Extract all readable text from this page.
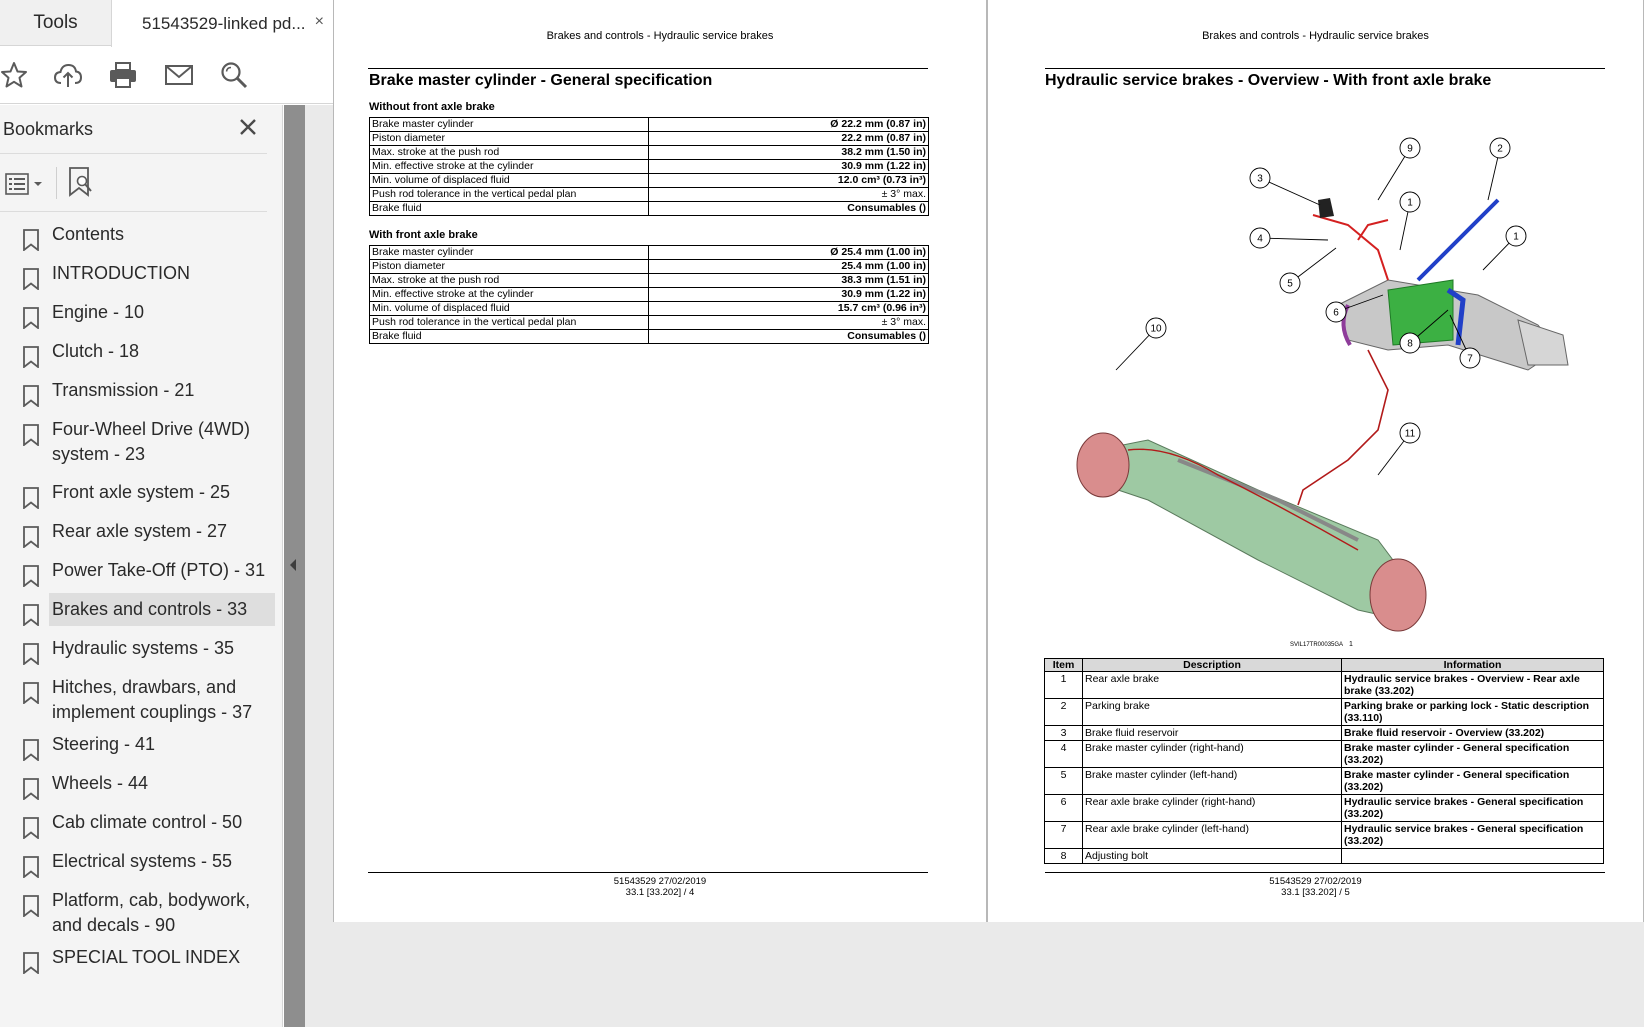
Tools	51543529-linked pd... ×
Bookmarks
Contents
INTRODUCTION
Engine - 10
Clutch - 18
Transmission - 21
Four-Wheel Drive (4WD) system - 23
Front axle system - 25
Rear axle system - 27
Power Take-Off (PTO) - 31
Brakes and controls - 33
Hydraulic systems - 35
Hitches, drawbars, and implement couplings - 37
Steering - 41
Wheels - 44
Cab climate control - 50
Electrical systems - 55
Platform, cab, bodywork, and decals - 90
SPECIAL TOOL INDEX
Brakes and controls - Hydraulic service brakes
Brake master cylinder - General specification
Without front axle brake
Brake master cylinder	Ø 22.2 mm (0.87 in)
Piston diameter	22.2 mm (0.87 in)
Max. stroke at the push rod	38.2 mm (1.50 in)
Min. effective stroke at the cylinder	30.9 mm (1.22 in)
Min. volume of displaced fluid	12.0 cm³ (0.73 in³)
Push rod tolerance in the vertical pedal plan	± 3° max.
Brake fluid	Consumables ()
With front axle brake
Brake master cylinder	Ø 25.4 mm (1.00 in)
Piston diameter	25.4 mm (1.00 in)
Max. stroke at the push rod	38.3 mm (1.51 in)
Min. effective stroke at the cylinder	30.9 mm (1.22 in)
Min. volume of displaced fluid	15.7 cm³ (0.96 in³)
Push rod tolerance in the vertical pedal plan	± 3° max.
Brake fluid	Consumables ()
51543529 27/02/2019
33.1 [33.202] / 4
Brakes and controls - Hydraulic service brakes
Hydraulic service brakes - Overview - With front axle brake
1
1
2
3
4
5
6
7
8
9
10
11
SVIL17TR00035GA 1
Item	Description	Information
1	Rear axle brake	Hydraulic service brakes - Overview - Rear axle brake (33.202)
2	Parking brake	Parking brake or parking lock - Static description (33.110)
3	Brake fluid reservoir	Brake fluid reservoir - Overview (33.202)
4	Brake master cylinder (right-hand)	Brake master cylinder - General specification (33.202)
5	Brake master cylinder (left-hand)	Brake master cylinder - General specification (33.202)
6	Rear axle brake cylinder (right-hand)	Hydraulic service brakes - General specification (33.202)
7	Rear axle brake cylinder (left-hand)	Hydraulic service brakes - General specification (33.202)
8	Adjusting bolt	
51543529 27/02/2019
33.1 [33.202] / 5
